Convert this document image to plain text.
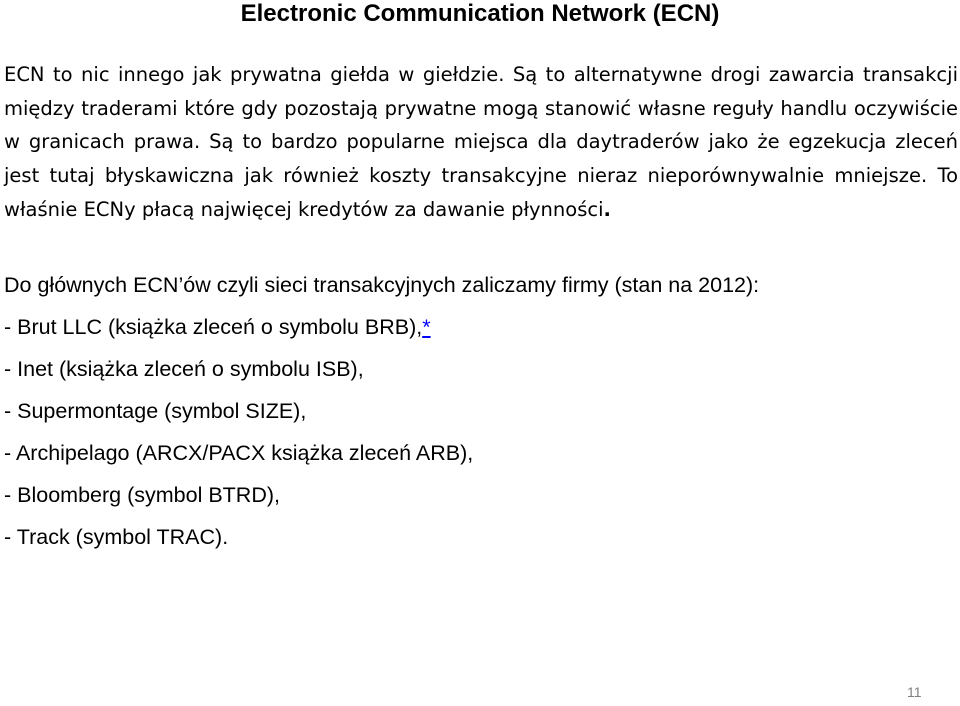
Electronic Communication Network (ECN)

ECN to nic innego jak prywatna giełda w giełdzie. Są to alternatywne drogi zawarcia transakcji między traderami które gdy pozostają prywatne mogą stanowić własne reguły handlu oczywiście w granicach prawa. Są to bardzo popularne miejsca dla daytraderów jako że egzekucja zleceń jest tutaj błyskawiczna jak również koszty transakcyjne nieraz nieporównywalnie mniejsze. To właśnie ECNy płacą najwięcej kredytów za dawanie płynności.

Do głównych ECN’ów czyli sieci transakcyjnych zaliczamy firmy (stan na 2012):

- Brut LLC (książka zleceń o symbolu BRB),*
- Inet (książka zleceń o symbolu ISB),
- Supermontage (symbol SIZE),
- Archipelago (ARCX/PACX książka zleceń ARB),
- Bloomberg (symbol BTRD),
- Track (symbol TRAC).
11
